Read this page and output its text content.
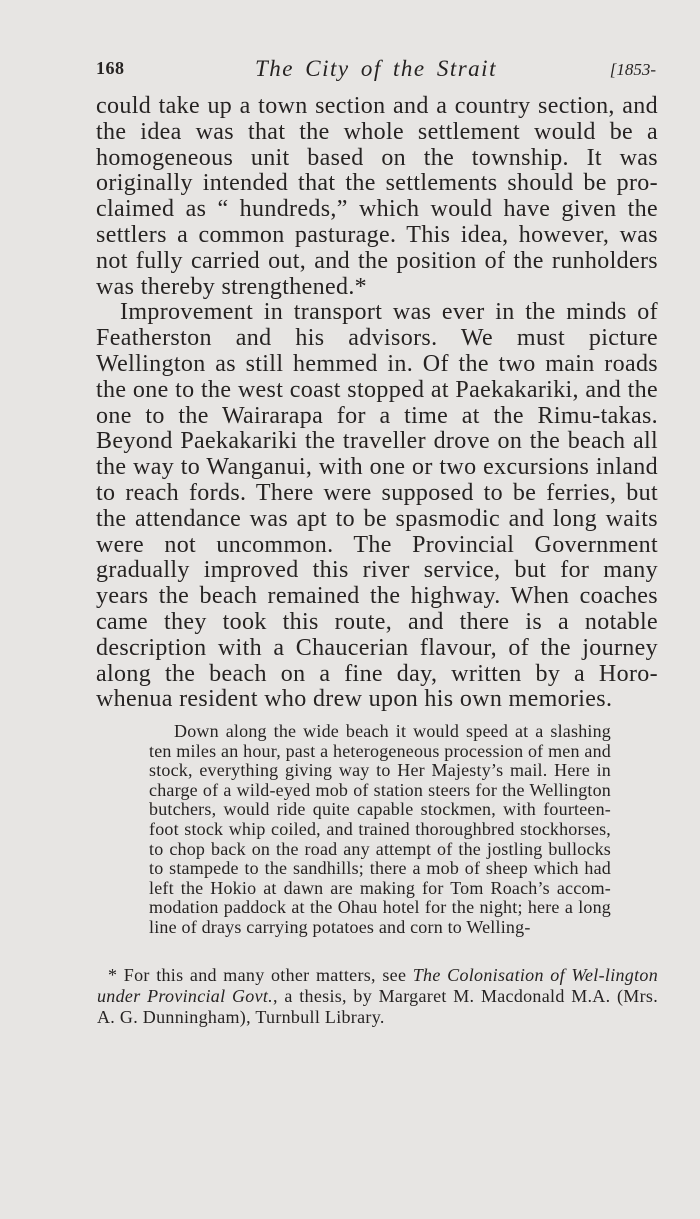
168	The City of the Strait	[1853-

could take up a town section and a country section, and the idea was that the whole settlement would be a homogeneous unit based on the township. It was originally intended that the settlements should be pro-claimed as “ hundreds,” which would have given the settlers a common pasturage. This idea, however, was not fully carried out, and the position of the runholders was thereby strengthened.*

Improvement in transport was ever in the minds of Featherston and his advisors. We must picture Wellington as still hemmed in. Of the two main roads the one to the west coast stopped at Paekakariki, and the one to the Wairarapa for a time at the Rimu-takas. Beyond Paekakariki the traveller drove on the beach all the way to Wanganui, with one or two excursions inland to reach fords. There were supposed to be ferries, but the attendance was apt to be spasmodic and long waits were not uncommon. The Provincial Government gradually improved this river service, but for many years the beach remained the highway. When coaches came they took this route, and there is a notable description with a Chaucerian flavour, of the journey along the beach on a fine day, written by a Horo-whenua resident who drew upon his own memories.

Down along the wide beach it would speed at a slashing ten miles an hour, past a heterogeneous procession of men and stock, everything giving way to Her Majesty’s mail. Here in charge of a wild-eyed mob of station steers for the Wellington butchers, would ride quite capable stockmen, with fourteen-foot stock whip coiled, and trained thoroughbred stockhorses, to chop back on the road any attempt of the jostling bullocks to stampede to the sandhills; there a mob of sheep which had left the Hokio at dawn are making for Tom Roach’s accom-modation paddock at the Ohau hotel for the night; here a long line of drays carrying potatoes and corn to Welling-

* For this and many other matters, see The Colonisation of Wel-lington under Provincial Govt., a thesis, by Margaret M. Macdonald M.A. (Mrs. A. G. Dunningham), Turnbull Library.
